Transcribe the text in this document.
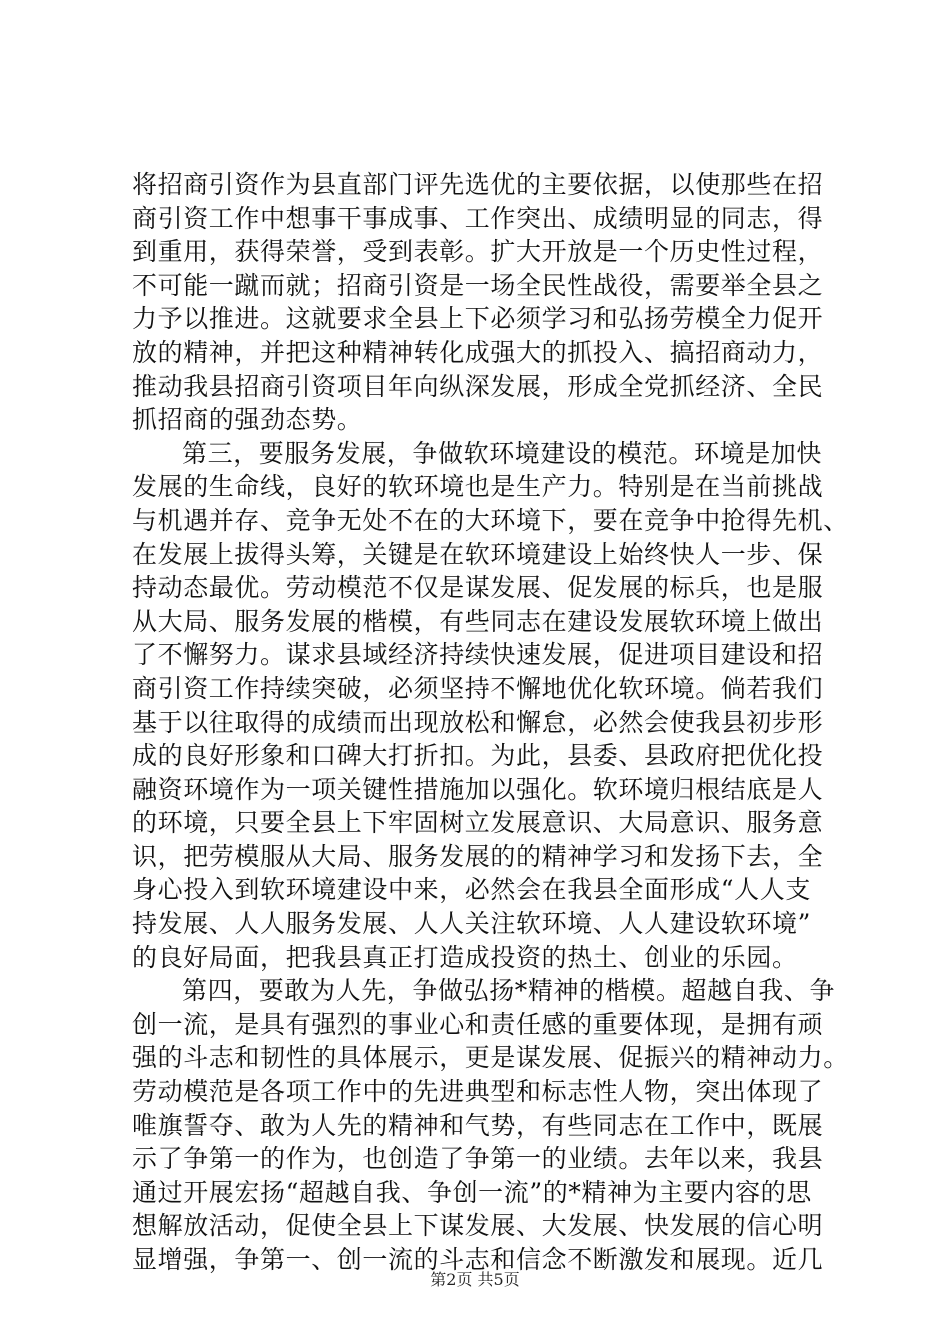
将招商引资作为县直部门评先选优的主要依据，以使那些在招
商引资工作中想事干事成事、工作突出、成绩明显的同志，得
到重用，获得荣誉，受到表彰。扩大开放是一个历史性过程，
不可能一蹴而就；招商引资是一场全民性战役，需要举全县之
力予以推进。这就要求全县上下必须学习和弘扬劳模全力促开
放的精神，并把这种精神转化成强大的抓投入、搞招商动力，
推动我县招商引资项目年向纵深发展，形成全党抓经济、全民
抓招商的强劲态势。
第三，要服务发展，争做软环境建设的模范。环境是加快
发展的生命线，良好的软环境也是生产力。特别是在当前挑战
与机遇并存、竞争无处不在的大环境下，要在竞争中抢得先机、
在发展上拔得头筹，关键是在软环境建设上始终快人一步、保
持动态最优。劳动模范不仅是谋发展、促发展的标兵，也是服
从大局、服务发展的楷模，有些同志在建设发展软环境上做出
了不懈努力。谋求县域经济持续快速发展，促进项目建设和招
商引资工作持续突破，必须坚持不懈地优化软环境。倘若我们
基于以往取得的成绩而出现放松和懈怠，必然会使我县初步形
成的良好形象和口碑大打折扣。为此，县委、县政府把优化投
融资环境作为一项关键性措施加以强化。软环境归根结底是人
的环境，只要全县上下牢固树立发展意识、大局意识、服务意
识，把劳模服从大局、服务发展的的精神学习和发扬下去，全
身心投入到软环境建设中来，必然会在我县全面形成“人人支
持发展、人人服务发展、人人关注软环境、人人建设软环境”
的良好局面，把我县真正打造成投资的热土、创业的乐园。
第四，要敢为人先，争做弘扬*精神的楷模。超越自我、争
创一流，是具有强烈的事业心和责任感的重要体现，是拥有顽
强的斗志和韧性的具体展示，更是谋发展、促振兴的精神动力。
劳动模范是各项工作中的先进典型和标志性人物，突出体现了
唯旗誓夺、敢为人先的精神和气势，有些同志在工作中，既展
示了争第一的作为，也创造了争第一的业绩。去年以来，我县
通过开展宏扬“超越自我、争创一流”的*精神为主要内容的思
想解放活动，促使全县上下谋发展、大发展、快发展的信心明
显增强，争第一、创一流的斗志和信念不断激发和展现。近几
第2页 共5页
